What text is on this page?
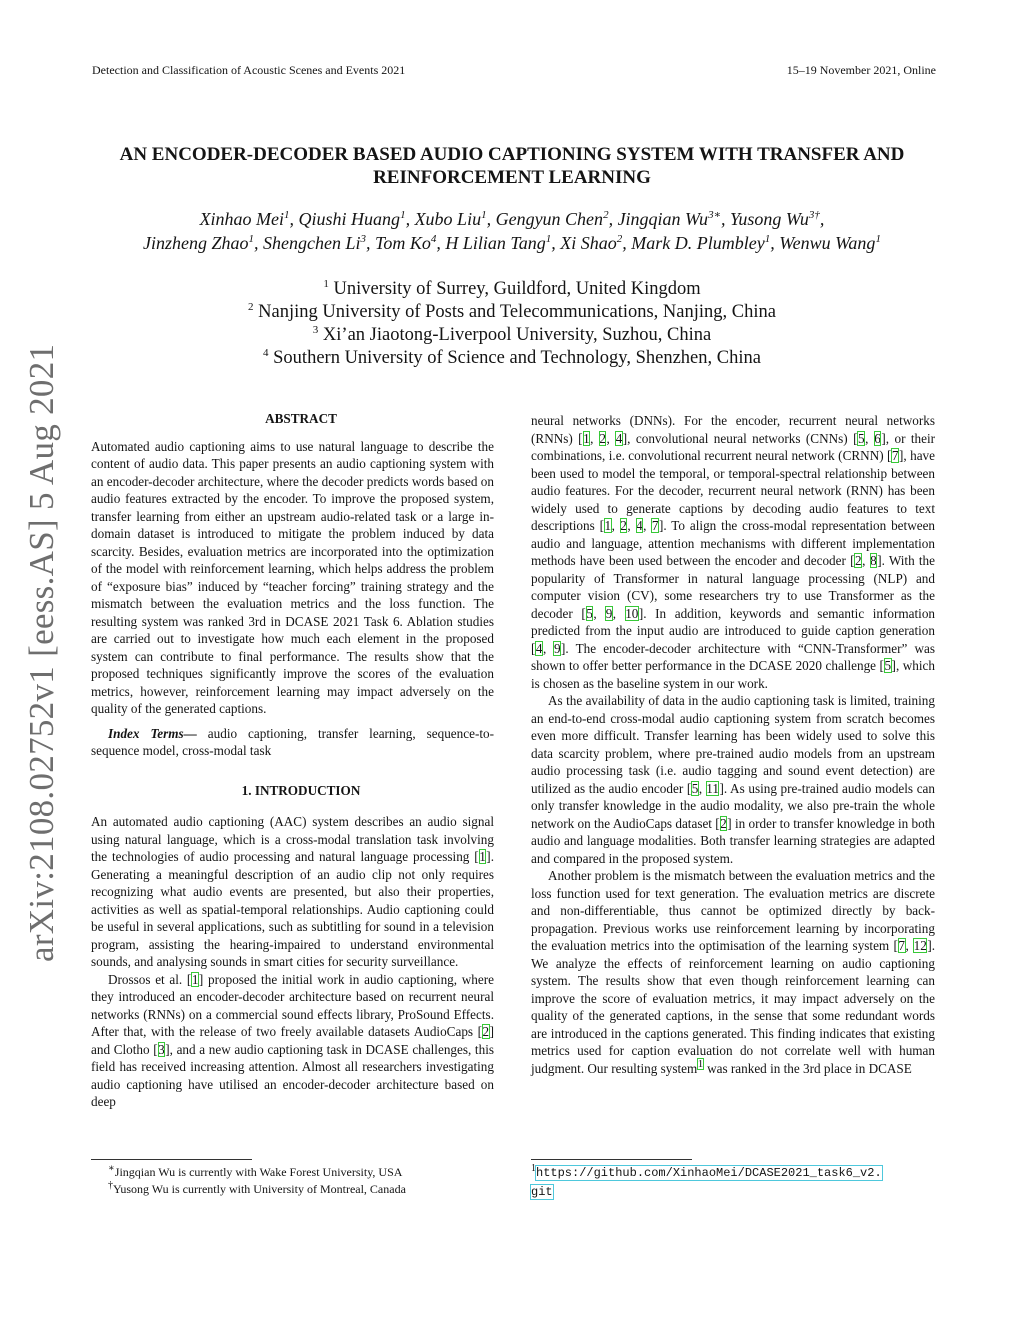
Detection and Classification of Acoustic Scenes and Events 2021	15–19 November 2021, Online
AN ENCODER-DECODER BASED AUDIO CAPTIONING SYSTEM WITH TRANSFER AND REINFORCEMENT LEARNING
Xinhao Mei$^1$, Qiushi Huang$^1$, Xubo Liu$^1$, Gengyun Chen$^2$, Jingqian $Wu^{3∗}$, Yusong $Wu^{3\dagger}$,
Jinzheng Zhao$^1$, Shengchen Li$^3$, Tom Ko$^4$, H Lilian Tang$^1$, Xi Shao$^2$, Mark D. Plumbley$^1$, Wenwu Wang$^1$
$^1$ University of Surrey, Guildford, United Kingdom
$^2$ Nanjing University of Posts and Telecommunications, Nanjing, China
$^3$ Xi’an Jiaotong-Liverpool University, Suzhou, China
$^4$ Southern University of Science and Technology, Shenzhen, China
arXiv:2108.02752v1 [eess.AS] 5 Aug 2021	ABSTRACT

Automated audio captioning aims to use natural language to describe the content of audio data. This paper presents an audio captioning system with an encoder-decoder architecture, where the decoder predicts words based on audio features extracted by the encoder. To improve the proposed system, transfer learning from either an upstream audio-related task or a large in-domain dataset is introduced to mitigate the problem induced by data scarcity. Besides, evaluation metrics are incorporated into the optimization of the model with reinforcement learning, which helps address the problem of “exposure bias” induced by “teacher forcing” training strategy and the mismatch between the evaluation metrics and the loss function. The resulting system was ranked 3rd in DCASE 2021 Task 6. Ablation studies are carried out to investigate how much each element in the proposed system can contribute to final performance. The results show that the proposed techniques significantly improve the scores of the evaluation metrics, however, reinforcement learning may impact adversely on the quality of the generated captions.

Index Terms— audio captioning, transfer learning, sequence-to-sequence model, cross-modal task

1. INTRODUCTION

An automated audio captioning (AAC) system describes an audio signal using natural language, which is a cross-modal translation task involving the technologies of audio processing and natural language processing [1]. Generating a meaningful description of an audio clip not only requires recognizing what audio events are presented, but also their properties, activities as well as spatial-temporal relationships. Audio captioning could be useful in several applications, such as subtitling for sound in a television program, assisting the hearing-impaired to understand environmental sounds, and analysing sounds in smart cities for security surveillance.

Drossos et al. [1] proposed the initial work in audio captioning, where they introduced an encoder-decoder architecture based on recurrent neural networks (RNNs) on a commercial sound effects library, ProSound Effects. After that, with the release of two freely available datasets AudioCaps [2] and Clotho [3], and a new audio captioning task in DCASE challenges, this field has received increasing attention. Almost all researchers investigating audio captioning have utilised an encoder-decoder architecture based on deep

neural networks (DNNs). For the encoder, recurrent neural networks (RNNs) [1, 2, 4], convolutional neural networks (CNNs) [5, 6], or their combinations, i.e. convolutional recurrent neural network (CRNN) [7], have been used to model the temporal, or temporal-spectral relationship between audio features. For the decoder, recurrent neural network (RNN) has been widely used to generate captions by decoding audio features to text descriptions [1, 2, 4, 7]. To align the cross-modal representation between audio and language, attention mechanisms with different implementation methods have been used between the encoder and decoder [2, 8]. With the popularity of Transformer in natural language processing (NLP) and computer vision (CV), some researchers try to use Transformer as the decoder [5, 9, 10]. In addition, keywords and semantic information predicted from the input audio are introduced to guide caption generation [4, 9]. The encoder-decoder architecture with “CNN-Transformer” was shown to offer better performance in the DCASE 2020 challenge [5], which is chosen as the baseline system in our work.

As the availability of data in the audio captioning task is limited, training an end-to-end cross-modal audio captioning system from scratch becomes even more difficult. Transfer learning has been widely used to solve this data scarcity problem, where pre-trained audio models from an upstream audio processing task (i.e. audio tagging and sound event detection) are utilized as the audio encoder [5, 11]. As using pre-trained audio models can only transfer knowledge in the audio modality, we also pre-train the whole network on the AudioCaps dataset [2] in order to transfer knowledge in both audio and language modalities. Both transfer learning strategies are adapted and compared in the proposed system.

Another problem is the mismatch between the evaluation metrics and the loss function used for text generation. The evaluation metrics are discrete and non-differentiable, thus cannot be optimized directly by back-propagation. Previous works use reinforcement learning by incorporating the evaluation metrics into the optimisation of the learning system [7, 12]. We analyze the effects of reinforcement learning on audio captioning system. The results show that even though reinforcement learning can improve the score of evaluation metrics, it may impact adversely on the quality of the generated captions, in the sense that some redundant words are introduced in the captions generated. This finding indicates that existing metrics used for caption evaluation do not correlate well with human judgment. Our resulting system$^1$ was ranked in the 3rd place in DCASE

∗Jingqian Wu is currently with Wake Forest University, USA
†Yusong Wu is currently with University of Montreal, Canada
$^1$https://github.com/XinhaoMei/DCASE2021_task6_v2.
git
